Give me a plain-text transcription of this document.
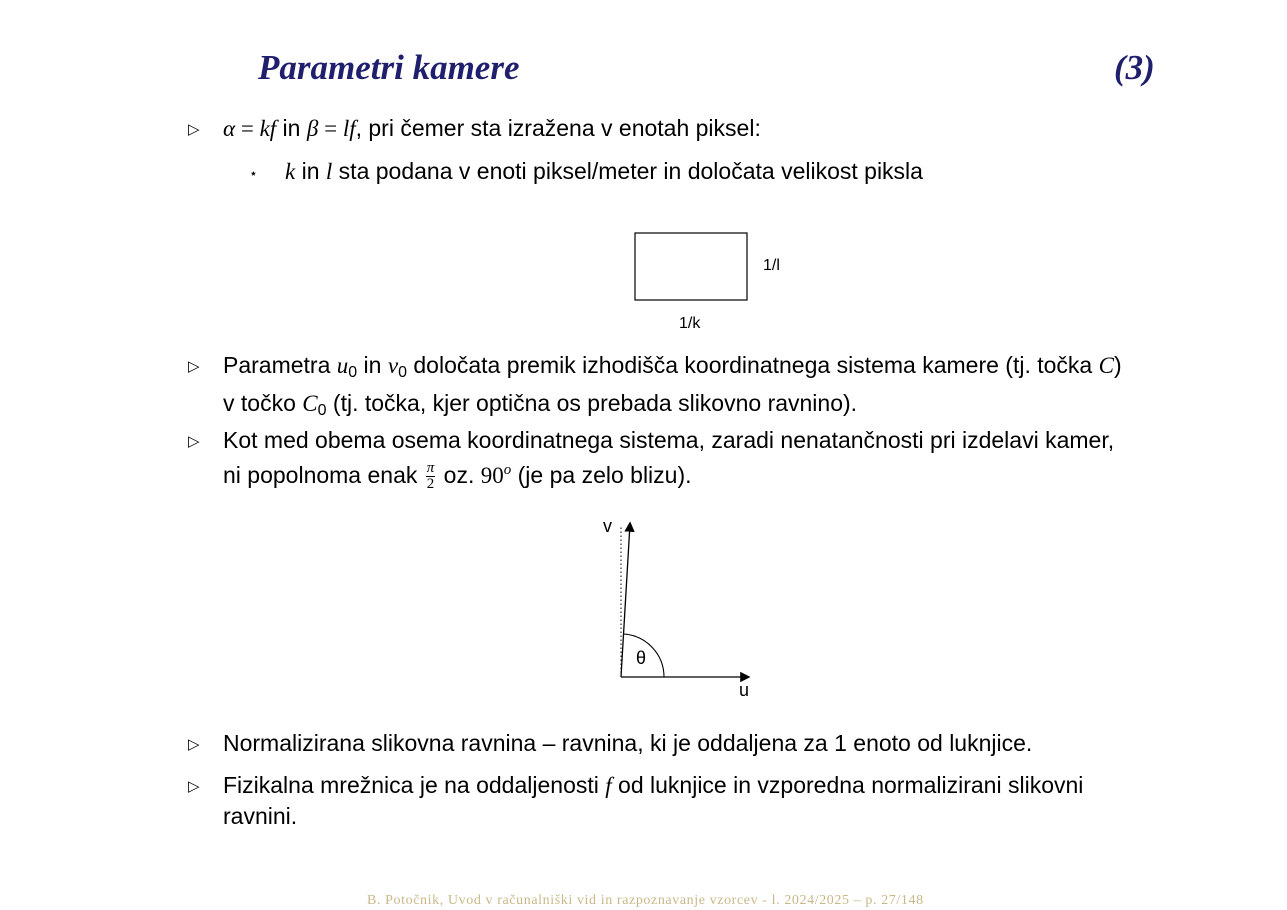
Parametri kamere	(3)
▷ α = kf in β = lf, pri čemer sta izražena v enotah piksel:
⋆ k in l sta podana v enoti piksel/meter in določata velikost piksla
1/l
1/k
▷ Parametra $u_0$ in $v_0$ določata premik izhodišča koordinatnega sistema kamere (tj. točka C) v točko $C_0$ (tj. točka, kjer optična os prebada slikovno ravnino).
▷ Kot med obema osema koordinatnega sistema, zaradi nenatančnosti pri izdelavi kamer, ni popolnoma enak $\frac{\pi}{2}$ oz. 90$^o$ (je pa zelo blizu).
v
u
θ
▷ Normalizirana slikovna ravnina – ravnina, ki je oddaljena za 1 enoto od luknjice.
▷ Fizikalna mrežnica je na oddaljenosti f od luknjice in vzporedna normalizirani slikovni ravnini.
B. Potočnik, Uvod v računalniški vid in razpoznavanje vzorcev - l. 2024/2025 – p. 27/148
